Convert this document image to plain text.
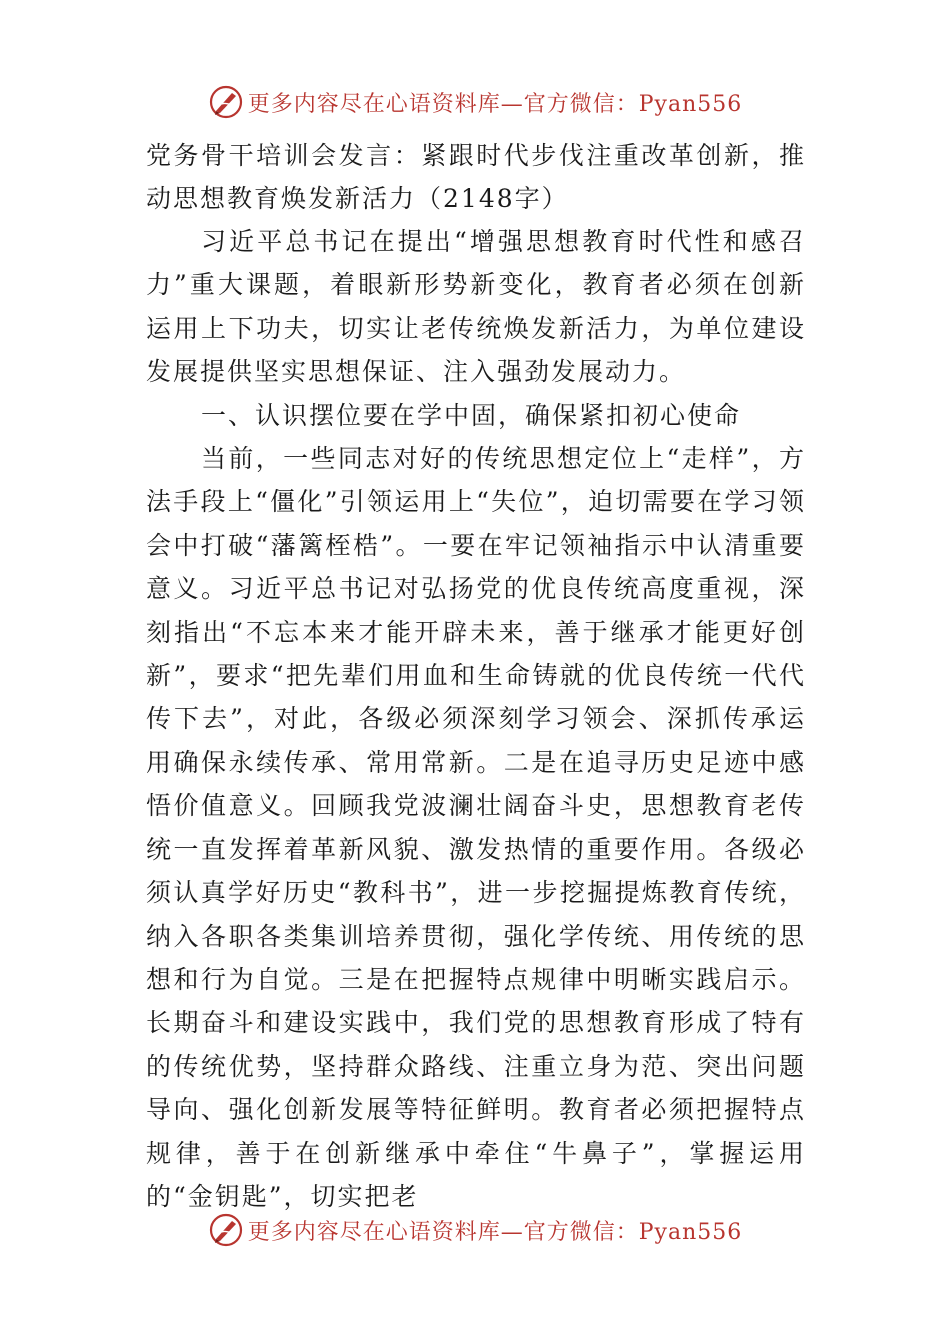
更多内容尽在心语资料库—官方微信：Pyan556

党务骨干培训会发言：紧跟时代步伐注重改革创新，推动思想教育焕发新活力（2148字）

习近平总书记在提出“增强思想教育时代性和感召力”重大课题，着眼新形势新变化，教育者必须在创新运用上下功夫，切实让老传统焕发新活力，为单位建设发展提供坚实思想保证、注入强劲发展动力。

一、认识摆位要在学中固，确保紧扣初心使命

当前，一些同志对好的传统思想定位上“走样”，方法手段上“僵化”引领运用上“失位”，迫切需要在学习领会中打破“藩篱桎梏”。一要在牢记领袖指示中认清重要意义。习近平总书记对弘扬党的优良传统高度重视，深刻指出“不忘本来才能开辟未来，善于继承才能更好创新”，要求“把先辈们用血和生命铸就的优良传统一代代传下去”，对此，各级必须深刻学习领会、深抓传承运用确保永续传承、常用常新。二是在追寻历史足迹中感悟价值意义。回顾我党波澜壮阔奋斗史，思想教育老传统一直发挥着革新风貌、激发热情的重要作用。各级必须认真学好历史“教科书”，进一步挖掘提炼教育传统，纳入各职各类集训培养贯彻，强化学传统、用传统的思想和行为自觉。三是在把握特点规律中明晰实践启示。长期奋斗和建设实践中，我们党的思想教育形成了特有的传统优势，坚持群众路线、注重立身为范、突出问题导向、强化创新发展等特征鲜明。教育者必须把握特点规律，善于在创新继承中牵住“牛鼻子”，掌握运用的“金钥匙”，切实把老

更多内容尽在心语资料库—官方微信：Pyan556
